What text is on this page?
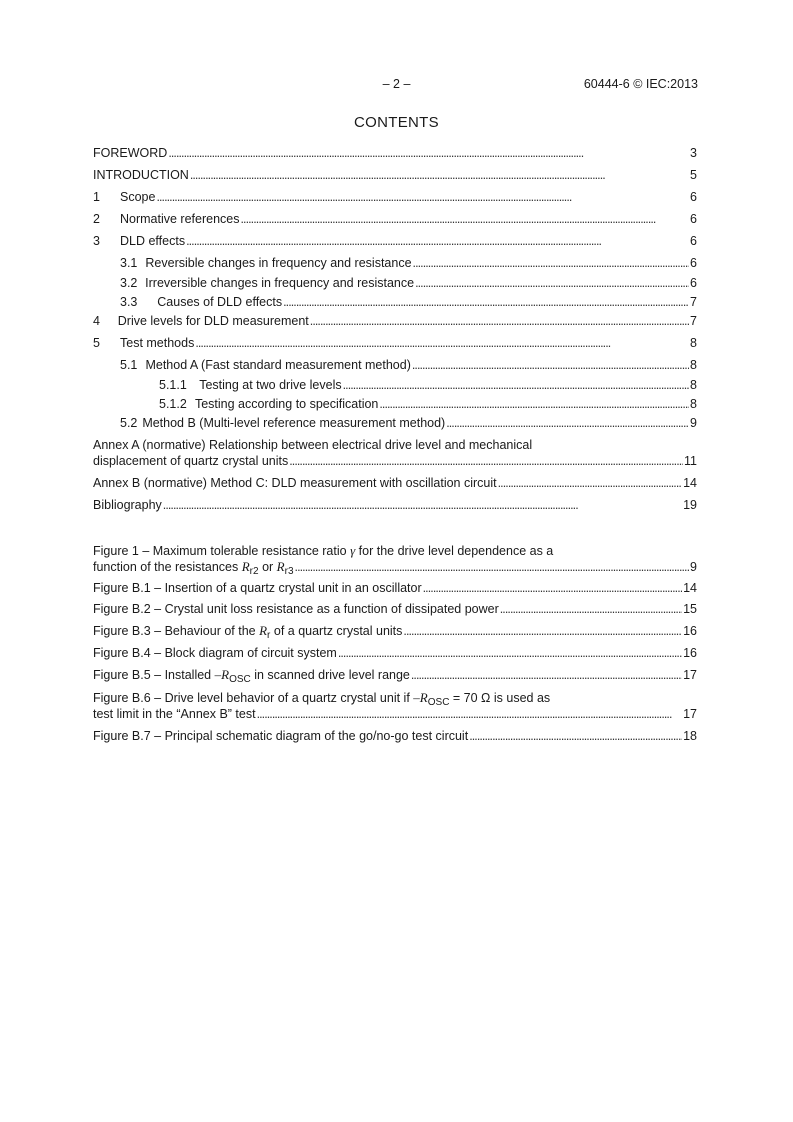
– 2 –	60444-6 © IEC:2013
CONTENTS
FOREWORD . . .	3
INTRODUCTION . . .	5
1	Scope . . .	6
2	Normative references . . .	6
3	DLD effects . . .	6
3.1 Reversible changes in frequency and resistance . . .	6
3.2 Irreversible changes in frequency and resistance . . .	6
3.3	Causes of DLD effects . . .	7
4	Drive levels for DLD measurement . . .	7
5	Test methods . . .	8
5.1 Method A (Fast standard measurement method) . . .	8
5.1.1 Testing at two drive levels . . .	8
5.1.2 Testing according to specification . . .	8
5.2 Method B (Multi-level reference measurement method) . . .	9
Annex A (normative) Relationship between electrical drive level and mechanical
displacement of quartz crystal units . . .	11
Annex B (normative) Method C: DLD measurement with oscillation circuit . . .	14
Bibliography . . .	19
Figure 1 – Maximum tolerable resistance ratio γ for the drive level dependence as a
function of the resistances $R_{r2}$ or $R_{r3}$ . . .	9
Figure B.1 – Insertion of a quartz crystal unit in an oscillator . . .	14
Figure B.2 – Crystal unit loss resistance as a function of dissipated power . . .	15
Figure B.3 – Behaviour of the $R_r$ of a quartz crystal units . . .	16
Figure B.4 – Block diagram of circuit system . . .	16
Figure B.5 – Installed $-R_{OSC}$ in scanned drive level range . . .	17
Figure B.6 – Drive level behavior of a quartz crystal unit if $-R_{OSC} = 70$ Ω is used as
test limit in the “Annex B” test . . .	17
Figure B.7 – Principal schematic diagram of the go/no-go test circuit . . .	18
